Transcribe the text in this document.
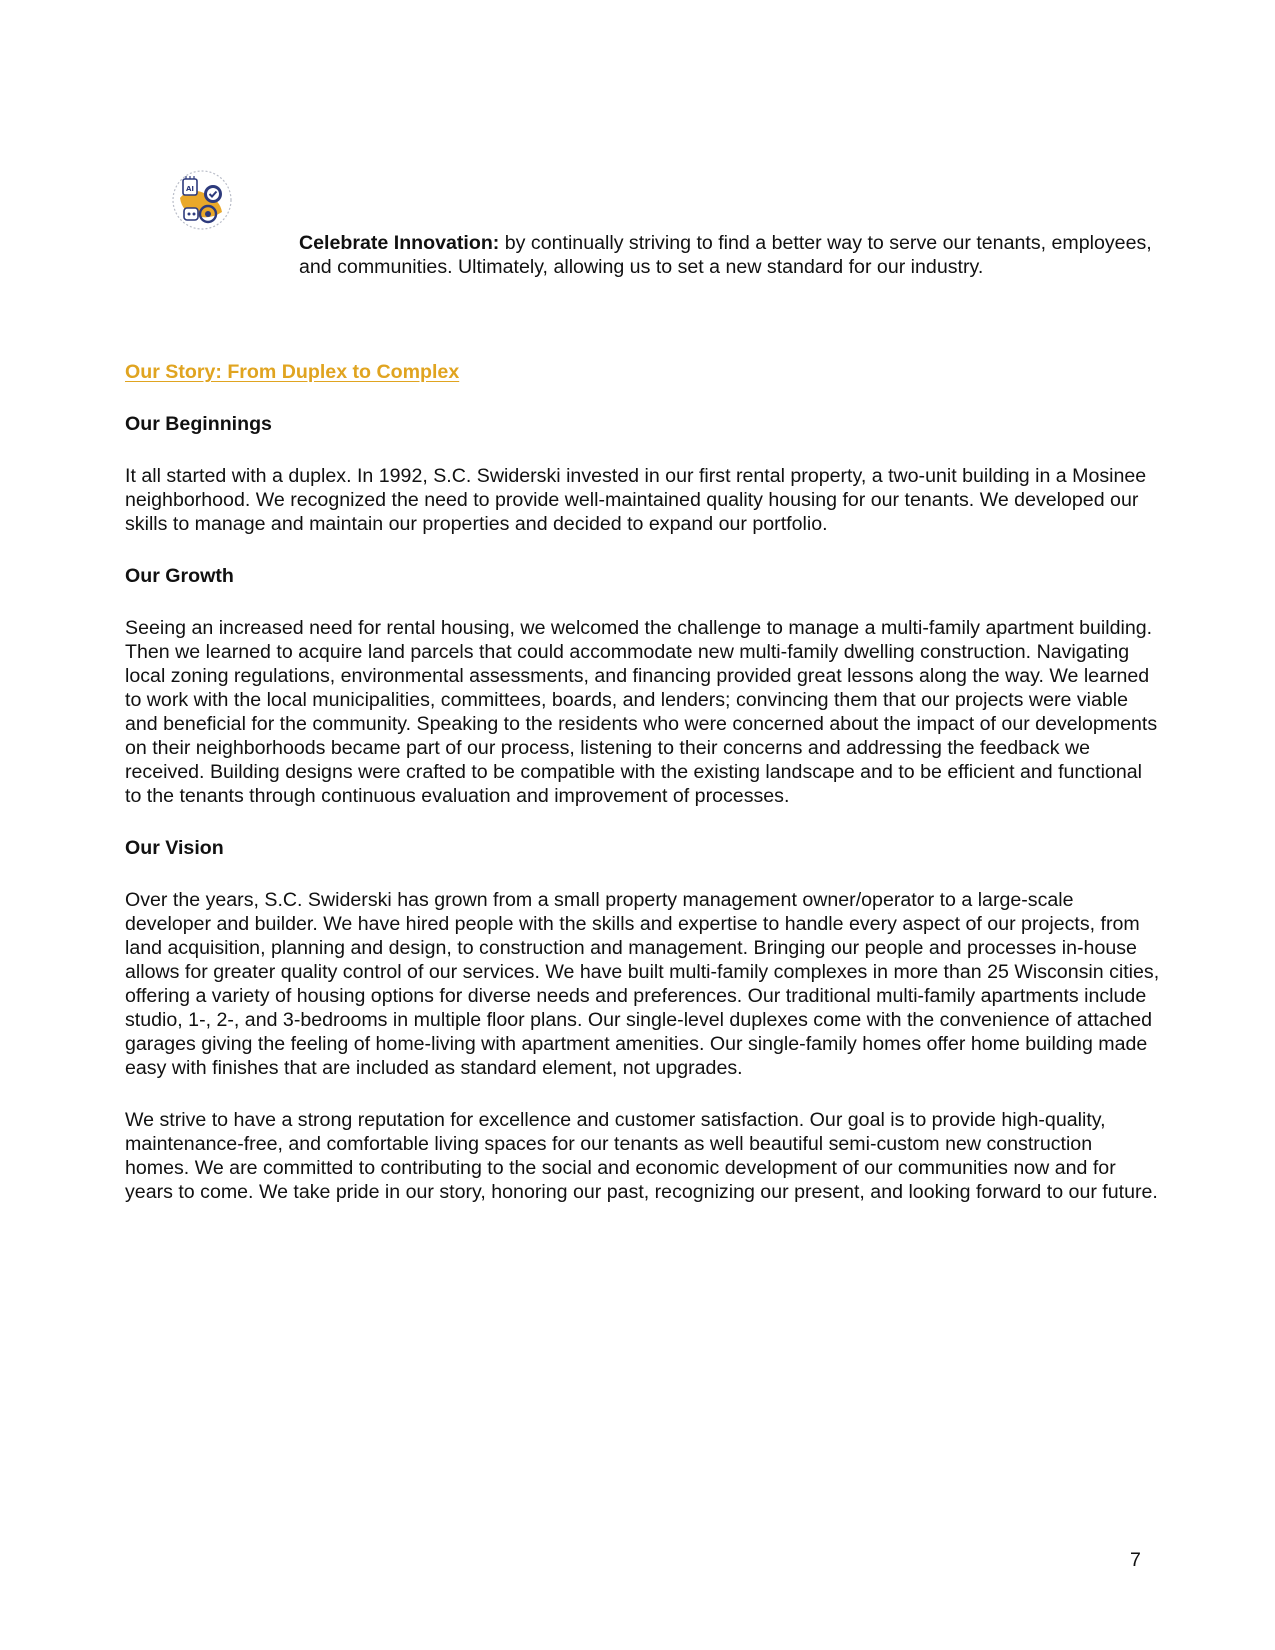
AI

Celebrate Innovation: by continually striving to find a better way to serve our tenants, employees, and communities. Ultimately, allowing us to set a new standard for our industry.

Our Story: From Duplex to Complex

Our Beginnings

It all started with a duplex. In 1992, S.C. Swiderski invested in our first rental property, a two-unit building in a Mosinee neighborhood. We recognized the need to provide well-maintained quality housing for our tenants. We developed our skills to manage and maintain our properties and decided to expand our portfolio.

Our Growth

Seeing an increased need for rental housing, we welcomed the challenge to manage a multi-family apartment building. Then we learned to acquire land parcels that could accommodate new multi-family dwelling construction. Navigating local zoning regulations, environmental assessments, and financing provided great lessons along the way. We learned to work with the local municipalities, committees, boards, and lenders; convincing them that our projects were viable and beneficial for the community. Speaking to the residents who were concerned about the impact of our developments on their neighborhoods became part of our process, listening to their concerns and addressing the feedback we received. Building designs were crafted to be compatible with the existing landscape and to be efficient and functional to the tenants through continuous evaluation and improvement of processes.

Our Vision

Over the years, S.C. Swiderski has grown from a small property management owner/operator to a large-scale developer and builder. We have hired people with the skills and expertise to handle every aspect of our projects, from land acquisition, planning and design, to construction and management. Bringing our people and processes in-house allows for greater quality control of our services. We have built multi-family complexes in more than 25 Wisconsin cities, offering a variety of housing options for diverse needs and preferences. Our traditional multi-family apartments include studio, 1-, 2-, and 3-bedrooms in multiple floor plans. Our single-level duplexes come with the convenience of attached garages giving the feeling of home-living with apartment amenities. Our single-family homes offer home building made easy with finishes that are included as standard element, not upgrades.

We strive to have a strong reputation for excellence and customer satisfaction. Our goal is to provide high-quality, maintenance-free, and comfortable living spaces for our tenants as well beautiful semi-custom new construction homes. We are committed to contributing to the social and economic development of our communities now and for years to come. We take pride in our story, honoring our past, recognizing our present, and looking forward to our future.

7
